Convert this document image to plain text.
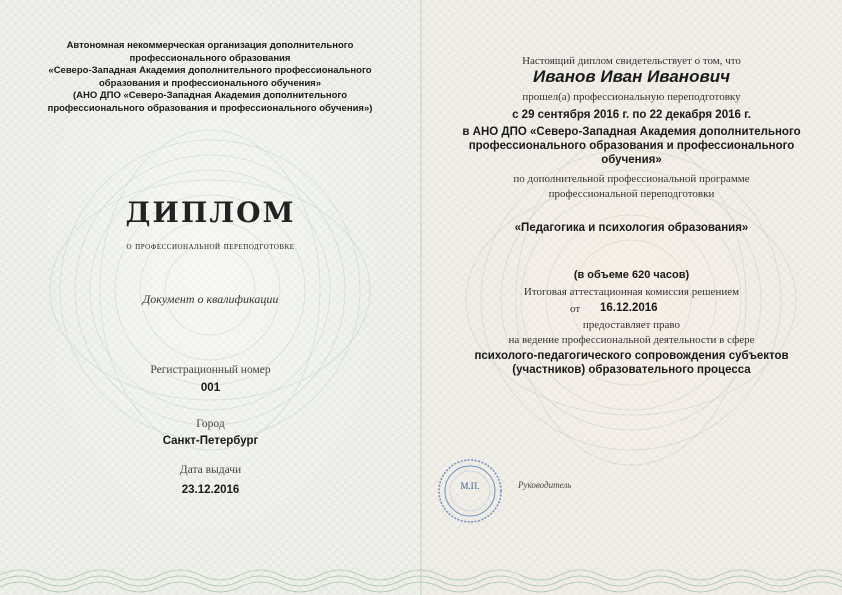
Автономная некоммерческая организация дополнительного
профессионального образования
«Северо-Западная Академия дополнительного профессионального
образования и профессионального обучения»
(АНО ДПО «Северо-Западная Академия дополнительного
профессионального образования и профессионального обучения»)
ДИПЛОМ
о профессиональной переподготовке
Документ о квалификации
Регистрационный номер
001
Город
Санкт-Петербург
Дата выдачи
23.12.2016
Настоящий диплом свидетельствует о том, что
Иванов Иван Иванович
прошел(а) профессиональную переподготовку
с 29 сентября 2016 г. по 22 декабря 2016 г.
в АНО ДПО «Северо-Западная Академия дополнительного
профессионального образования и профессионального
обучения»
по дополнительной профессиональной программе
профессиональной переподготовки
«Педагогика и психология образования»
(в объеме 620 часов)
Итоговая аттестационная комиссия решением
от 16.12.2016
предоставляет право
на ведение профессиональной деятельности в сфере
психолого-педагогического сопровождения субъектов
(участников) образовательного процесса
М.П.	Руководитель
